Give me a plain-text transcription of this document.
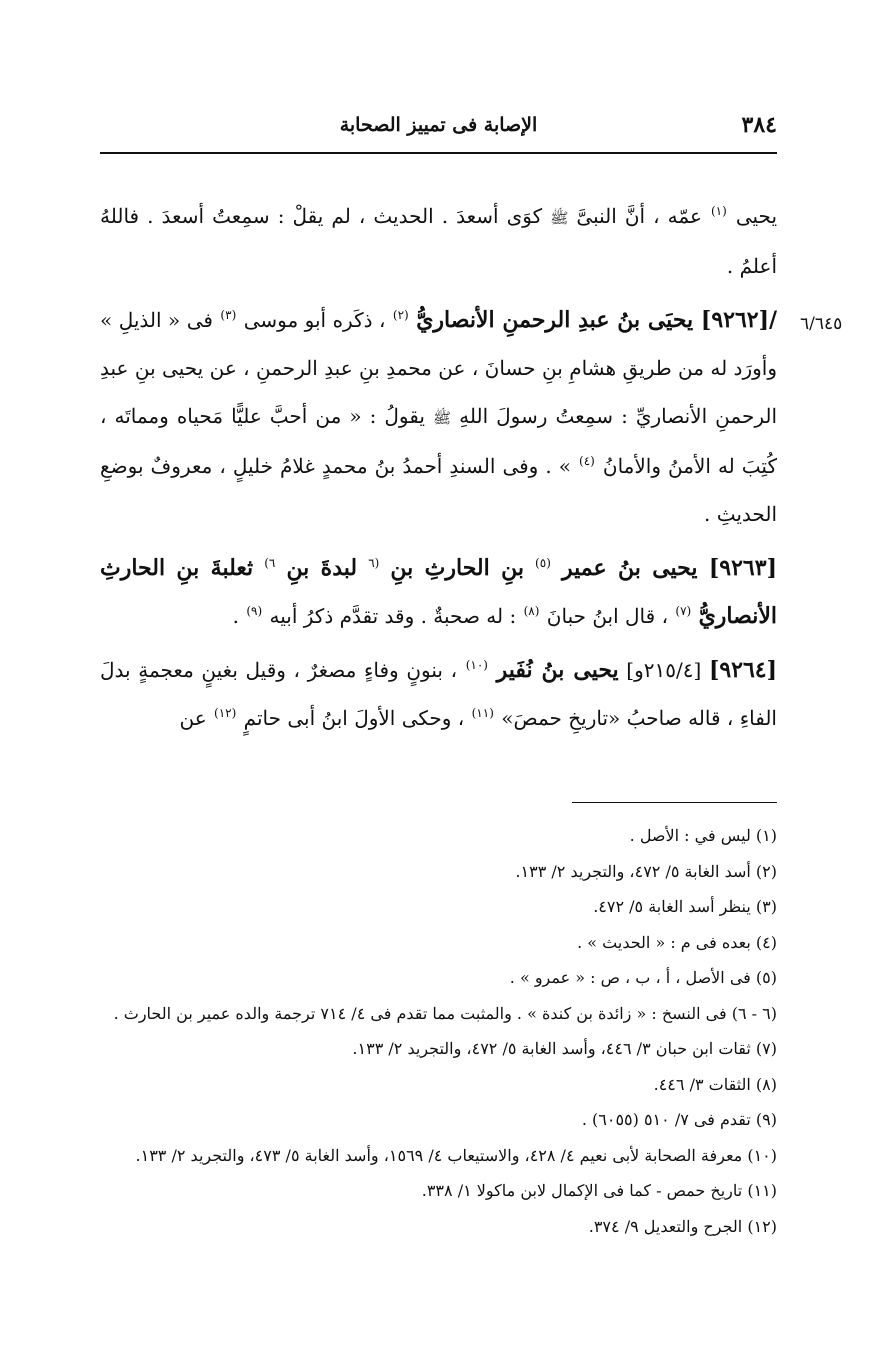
٣٨٤
الإصابة فى تمييز الصحابة
٦/٦٤٥

يحيى $^{(١)}$ عمّه ، أنَّ النبىَّ ﷺ كوَى أسعدَ . الحديث ، لم يقلْ : سمِعتُ أسعدَ . فاللهُ أعلمُ .

/[٩٢٦٢] يحيَى بنُ عبدِ الرحمنِ الأنصاريُّ $^{(٢)}$ ، ذكَره أبو موسى $^{(٣)}$ فى « الذيلِ » وأورَد له من طريقِ هشامِ بنِ حسانَ ، عن محمدِ بنِ عبدِ الرحمنِ ، عن يحيى بنِ عبدِ الرحمنِ الأنصاريِّ : سمِعتُ رسولَ اللهِ ﷺ يقولُ : « من أحبَّ عليًّا مَحياه ومماتَه ، كُتِبَ له الأمنُ والأمانُ $^{(٤)}$ » . وفى السندِ أحمدُ بنُ محمدٍ غلامُ خليلٍ ، معروفٌ بوضعِ الحديثِ .

[٩٢٦٣] يحيى بنُ عمير $^{(٥)}$ بنِ الحارثِ بنِ $^{(٦}$ لبدةَ بنِ $^{٦)}$ ثعلبةَ بنِ الحارثِ الأنصاريُّ $^{(٧)}$ ، قال ابنُ حبانَ $^{(٨)}$ : له صحبةٌ . وقد تقدَّم ذكرُ أبيه $^{(٩)}$ .

[٩٢٦٤] [٢١٥/٤و] يحيى بنُ نُفَير $^{(١٠)}$ ، بنونٍ وفاءٍ مصغرٌ ، وقيل بغينٍ معجمةٍ بدلَ الفاءِ ، قاله صاحبُ «تاريخِ حمصَ» $^{(١١)}$ ، وحكى الأولَ ابنُ أبى حاتمٍ $^{(١٢)}$ عن

(١) ليس في : الأصل .

(٢) أسد الغابة ٥/ ٤٧٢، والتجريد ٢/ ١٣٣.

(٣) ينظر أسد الغابة ٥/ ٤٧٢.

(٤) بعده فى م : « الحديث » .

(٥) فى الأصل ، أ ، ب ، ص : « عمرو » .

(٦ - ٦) فى النسخ : « زائدة بن كندة » . والمثبت مما تقدم فى ٤/ ٧١٤ ترجمة والده عمير بن الحارث .

(٧) ثقات ابن حبان ٣/ ٤٤٦، وأسد الغابة ٥/ ٤٧٢، والتجريد ٢/ ١٣٣.

(٨) الثقات ٣/ ٤٤٦.

(٩) تقدم فى ٧/ ٥١٠ (٦٠٥٥) .

(١٠) معرفة الصحابة لأبى نعيم ٤/ ٤٢٨، والاستيعاب ٤/ ١٥٦٩، وأسد الغابة ٥/ ٤٧٣، والتجريد ٢/ ١٣٣.

(١١) تاريخ حمص - كما فى الإكمال لابن ماكولا ١/ ٣٣٨.

(١٢) الجرح والتعديل ٩/ ٣٧٤.
